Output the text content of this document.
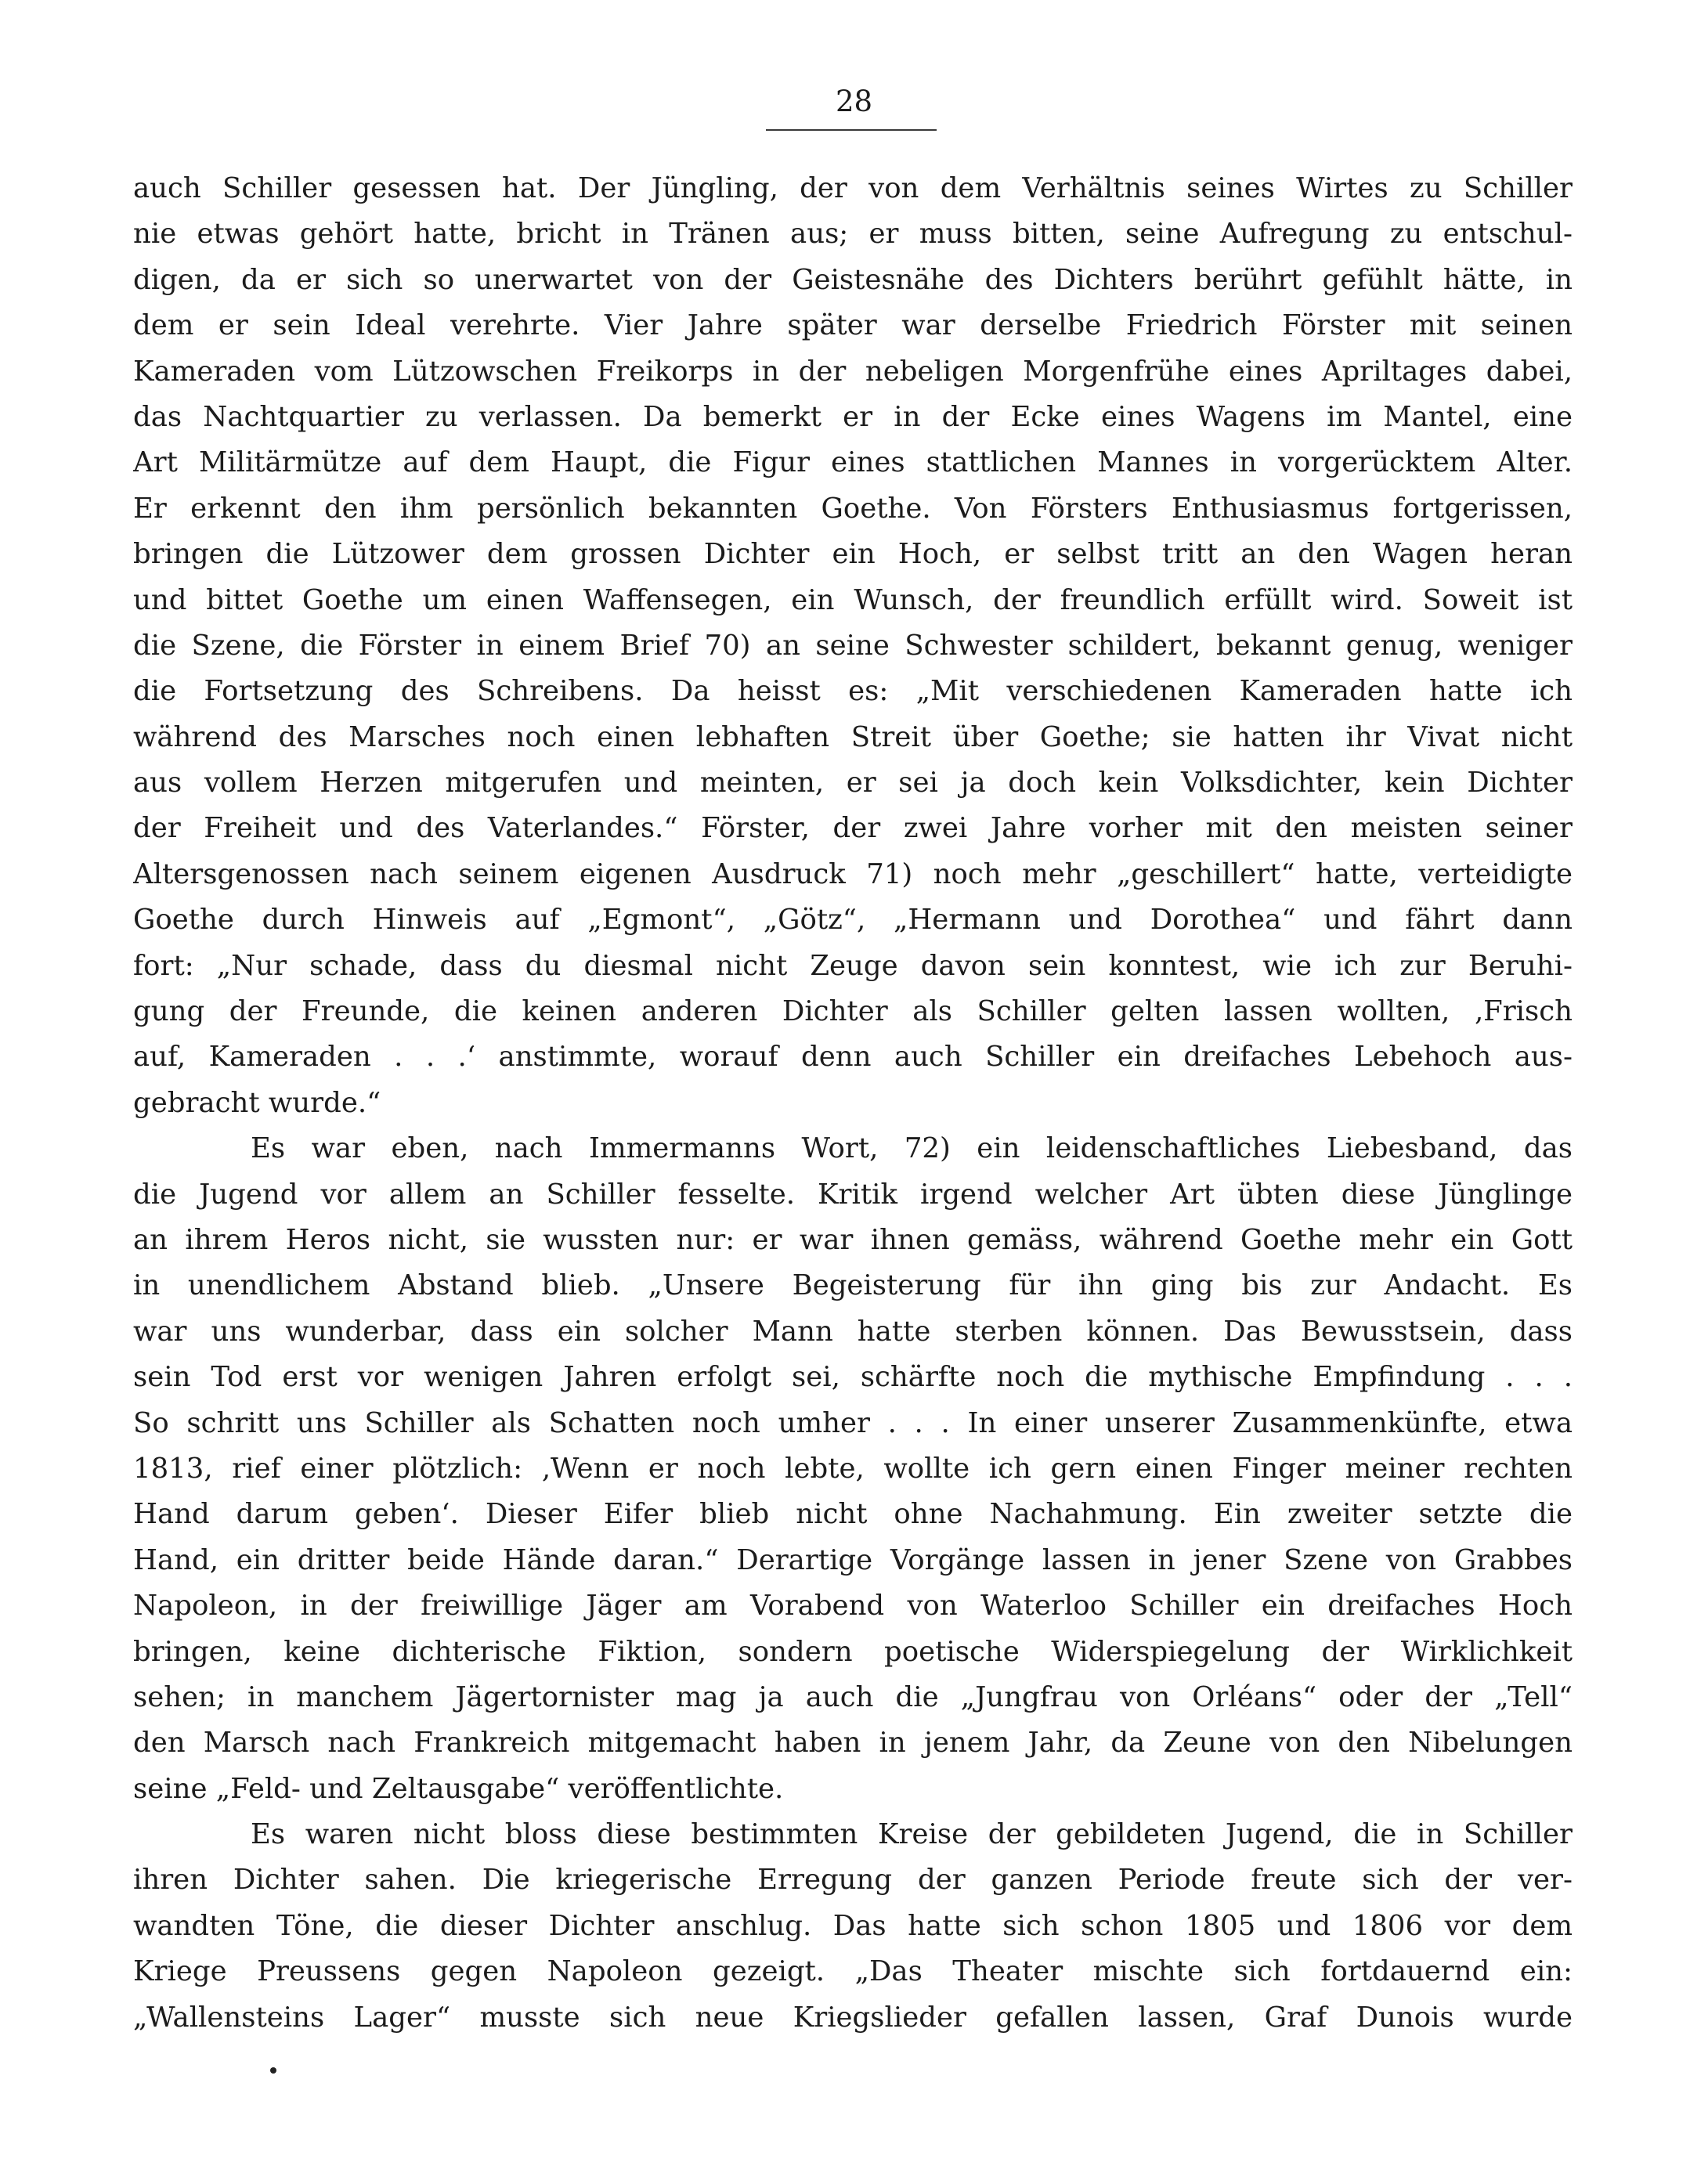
28
auch Schiller gesessen hat. Der Jüngling, der von dem Verhältnis seines Wirtes zu Schiller
nie etwas gehört hatte, bricht in Tränen aus; er muss bitten, seine Aufregung zu entschul-
digen, da er sich so unerwartet von der Geistesnähe des Dichters berührt gefühlt hätte, in
dem er sein Ideal verehrte. Vier Jahre später war derselbe Friedrich Förster mit seinen
Kameraden vom Lützowschen Freikorps in der nebeligen Morgenfrühe eines Apriltages dabei,
das Nachtquartier zu verlassen. Da bemerkt er in der Ecke eines Wagens im Mantel, eine
Art Militärmütze auf dem Haupt, die Figur eines stattlichen Mannes in vorgerücktem Alter.
Er erkennt den ihm persönlich bekannten Goethe. Von Försters Enthusiasmus fortgerissen,
bringen die Lützower dem grossen Dichter ein Hoch, er selbst tritt an den Wagen heran
und bittet Goethe um einen Waffensegen, ein Wunsch, der freundlich erfüllt wird. Soweit ist
die Szene, die Förster in einem Brief 70) an seine Schwester schildert, bekannt genug, weniger
die Fortsetzung des Schreibens. Da heisst es: „Mit verschiedenen Kameraden hatte ich
während des Marsches noch einen lebhaften Streit über Goethe; sie hatten ihr Vivat nicht
aus vollem Herzen mitgerufen und meinten, er sei ja doch kein Volksdichter, kein Dichter
der Freiheit und des Vaterlandes.“ Förster, der zwei Jahre vorher mit den meisten seiner
Altersgenossen nach seinem eigenen Ausdruck 71) noch mehr „geschillert“ hatte, verteidigte
Goethe durch Hinweis auf „Egmont“, „Götz“, „Hermann und Dorothea“ und fährt dann
fort: „Nur schade, dass du diesmal nicht Zeuge davon sein konntest, wie ich zur Beruhi-
gung der Freunde, die keinen anderen Dichter als Schiller gelten lassen wollten, ‚Frisch
auf, Kameraden . . .‘ anstimmte, worauf denn auch Schiller ein dreifaches Lebehoch aus-
gebracht wurde.“
Es war eben, nach Immermanns Wort, 72) ein leidenschaftliches Liebesband, das
die Jugend vor allem an Schiller fesselte. Kritik irgend welcher Art übten diese Jünglinge
an ihrem Heros nicht, sie wussten nur: er war ihnen gemäss, während Goethe mehr ein Gott
in unendlichem Abstand blieb. „Unsere Begeisterung für ihn ging bis zur Andacht. Es
war uns wunderbar, dass ein solcher Mann hatte sterben können. Das Bewusstsein, dass
sein Tod erst vor wenigen Jahren erfolgt sei, schärfte noch die mythische Empfindung . . .
So schritt uns Schiller als Schatten noch umher . . . In einer unserer Zusammenkünfte, etwa
1813, rief einer plötzlich: ‚Wenn er noch lebte, wollte ich gern einen Finger meiner rechten
Hand darum geben‘. Dieser Eifer blieb nicht ohne Nachahmung. Ein zweiter setzte die
Hand, ein dritter beide Hände daran.“ Derartige Vorgänge lassen in jener Szene von Grabbes
Napoleon, in der freiwillige Jäger am Vorabend von Waterloo Schiller ein dreifaches Hoch
bringen, keine dichterische Fiktion, sondern poetische Widerspiegelung der Wirklichkeit
sehen; in manchem Jägertornister mag ja auch die „Jungfrau von Orléans“ oder der „Tell“
den Marsch nach Frankreich mitgemacht haben in jenem Jahr, da Zeune von den Nibelungen
seine „Feld- und Zeltausgabe“ veröffentlichte.
Es waren nicht bloss diese bestimmten Kreise der gebildeten Jugend, die in Schiller
ihren Dichter sahen. Die kriegerische Erregung der ganzen Periode freute sich der ver-
wandten Töne, die dieser Dichter anschlug. Das hatte sich schon 1805 und 1806 vor dem
Kriege Preussens gegen Napoleon gezeigt. „Das Theater mischte sich fortdauernd ein:
„Wallensteins Lager“ musste sich neue Kriegslieder gefallen lassen, Graf Dunois wurde
